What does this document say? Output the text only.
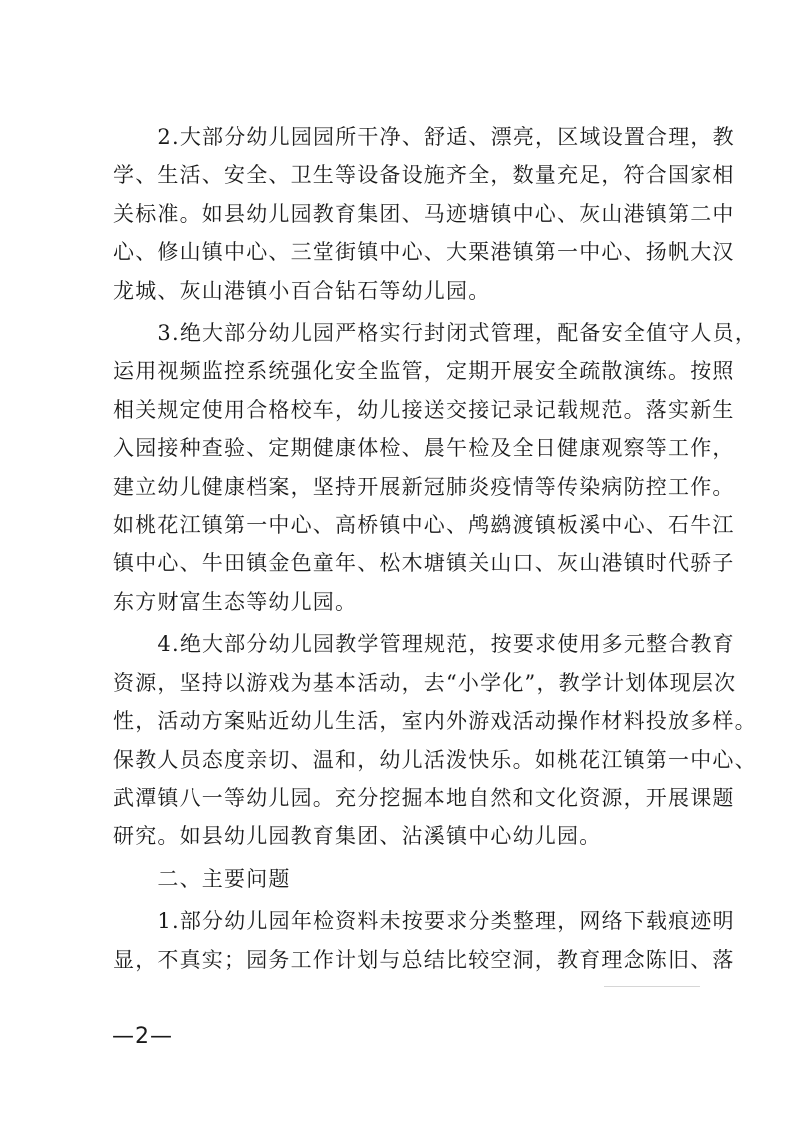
　　2.大部分幼儿园园所干净、舒适、漂亮，区域设置合理，教
学、生活、安全、卫生等设备设施齐全，数量充足，符合国家相
关标准。如县幼儿园教育集团、马迹塘镇中心、灰山港镇第二中
心、修山镇中心、三堂街镇中心、大栗港镇第一中心、扬帆大汉
龙城、灰山港镇小百合钻石等幼儿园。
　　3.绝大部分幼儿园严格实行封闭式管理，配备安全值守人员，
运用视频监控系统强化安全监管，定期开展安全疏散演练。按照
相关规定使用合格校车，幼儿接送交接记录记载规范。落实新生
入园接种查验、定期健康体检、晨午检及全日健康观察等工作，
建立幼儿健康档案，坚持开展新冠肺炎疫情等传染病防控工作。
如桃花江镇第一中心、高桥镇中心、鸬鹚渡镇板溪中心、石牛江
镇中心、牛田镇金色童年、松木塘镇关山口、灰山港镇时代骄子
东方财富生态等幼儿园。
　　4.绝大部分幼儿园教学管理规范，按要求使用多元整合教育
资源，坚持以游戏为基本活动，去“小学化”，教学计划体现层次
性，活动方案贴近幼儿生活，室内外游戏活动操作材料投放多样。
保教人员态度亲切、温和，幼儿活泼快乐。如桃花江镇第一中心、
武潭镇八一等幼儿园。充分挖掘本地自然和文化资源，开展课题
研究。如县幼儿园教育集团、沾溪镇中心幼儿园。
　　二、主要问题
　　1.部分幼儿园年检资料未按要求分类整理，网络下载痕迹明
显，不真实；园务工作计划与总结比较空洞，教育理念陈旧、落
—2—
